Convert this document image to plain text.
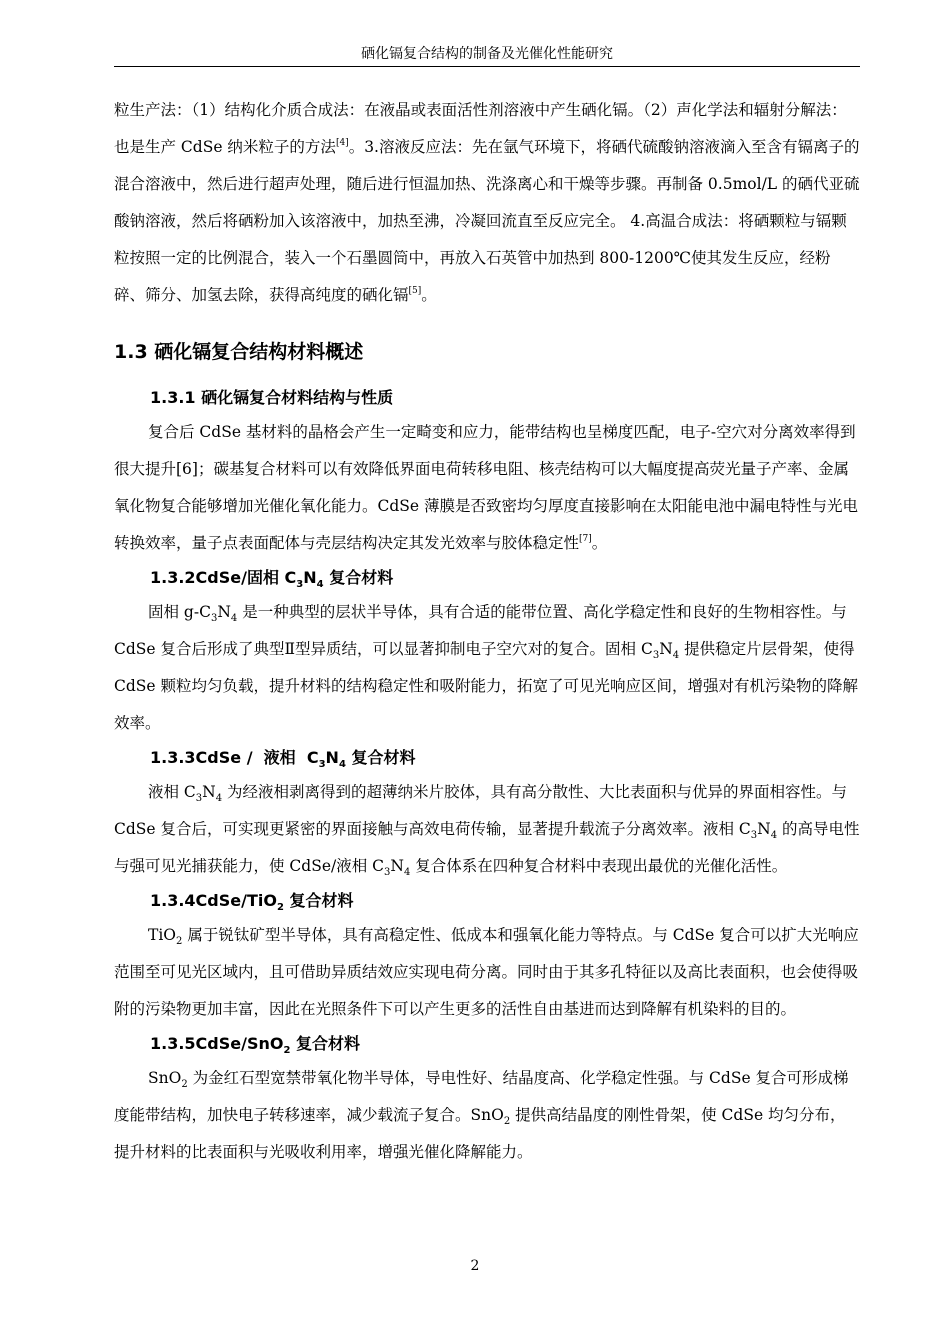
硒化镉复合结构的制备及光催化性能研究

粒生产法：（1）结构化介质合成法：在液晶或表面活性剂溶液中产生硒化镉。（2）声化学法和辐射分解法：也是生产 CdSe 纳米粒子的方法[4]。3.溶液反应法：先在氩气环境下，将硒代硫酸钠溶液滴入至含有镉离子的混合溶液中，然后进行超声处理，随后进行恒温加热、洗涤离心和干燥等步骤。再制备 0.5mol/L 的硒代亚硫酸钠溶液，然后将硒粉加入该溶液中，加热至沸，冷凝回流直至反应完全。 4.高温合成法：将硒颗粒与镉颗粒按照一定的比例混合，装入一个石墨圆筒中，再放入石英管中加热到 800-1200℃使其发生反应，经粉碎、筛分、加氢去除，获得高纯度的硒化镉[5]。

1.3 硒化镉复合结构材料概述
1.3.1 硒化镉复合材料结构与性质

复合后 CdSe 基材料的晶格会产生一定畸变和应力，能带结构也呈梯度匹配，电子-空穴对分离效率得到很大提升[6]；碳基复合材料可以有效降低界面电荷转移电阻、核壳结构可以大幅度提高荧光量子产率、金属氧化物复合能够增加光催化氧化能力。CdSe 薄膜是否致密均匀厚度直接影响在太阳能电池中漏电特性与光电转换效率，量子点表面配体与壳层结构决定其发光效率与胶体稳定性[7]。

1.3.2CdSe/固相 $C_3N_4$ 复合材料

固相 $g-C_3N_4$ 是一种典型的层状半导体，具有合适的能带位置、高化学稳定性和良好的生物相容性。与 CdSe 复合后形成了典型Ⅱ型异质结，可以显著抑制电子空穴对的复合。固相 $C_3N_4$ 提供稳定片层骨架，使得 CdSe 颗粒均匀负载，提升材料的结构稳定性和吸附能力，拓宽了可见光响应区间，增强对有机污染物的降解效率。

1.3.3CdSe /  液相  $C_3N_4$ 复合材料

液相 $C_3N_4$ 为经液相剥离得到的超薄纳米片胶体，具有高分散性、大比表面积与优异的界面相容性。与 CdSe 复合后，可实现更紧密的界面接触与高效电荷传输，显著提升载流子分离效率。液相 $C_3N_4$ 的高导电性与强可见光捕获能力，使 CdSe/液相 $C_3N_4$ 复合体系在四种复合材料中表现出最优的光催化活性。

1.3.4CdSe/TiO$_2$ 复合材料

TiO$_2$ 属于锐钛矿型半导体，具有高稳定性、低成本和强氧化能力等特点。与 CdSe 复合可以扩大光响应范围至可见光区域内，且可借助异质结效应实现电荷分离。同时由于其多孔特征以及高比表面积，也会使得吸附的污染物更加丰富，因此在光照条件下可以产生更多的活性自由基进而达到降解有机染料的目的。

1.3.5CdSe/SnO$_2$ 复合材料

SnO$_2$ 为金红石型宽禁带氧化物半导体，导电性好、结晶度高、化学稳定性强。与 CdSe 复合可形成梯度能带结构，加快电子转移速率，减少载流子复合。SnO$_2$ 提供高结晶度的刚性骨架，使 CdSe 均匀分布，提升材料的比表面积与光吸收利用率，增强光催化降解能力。

2
